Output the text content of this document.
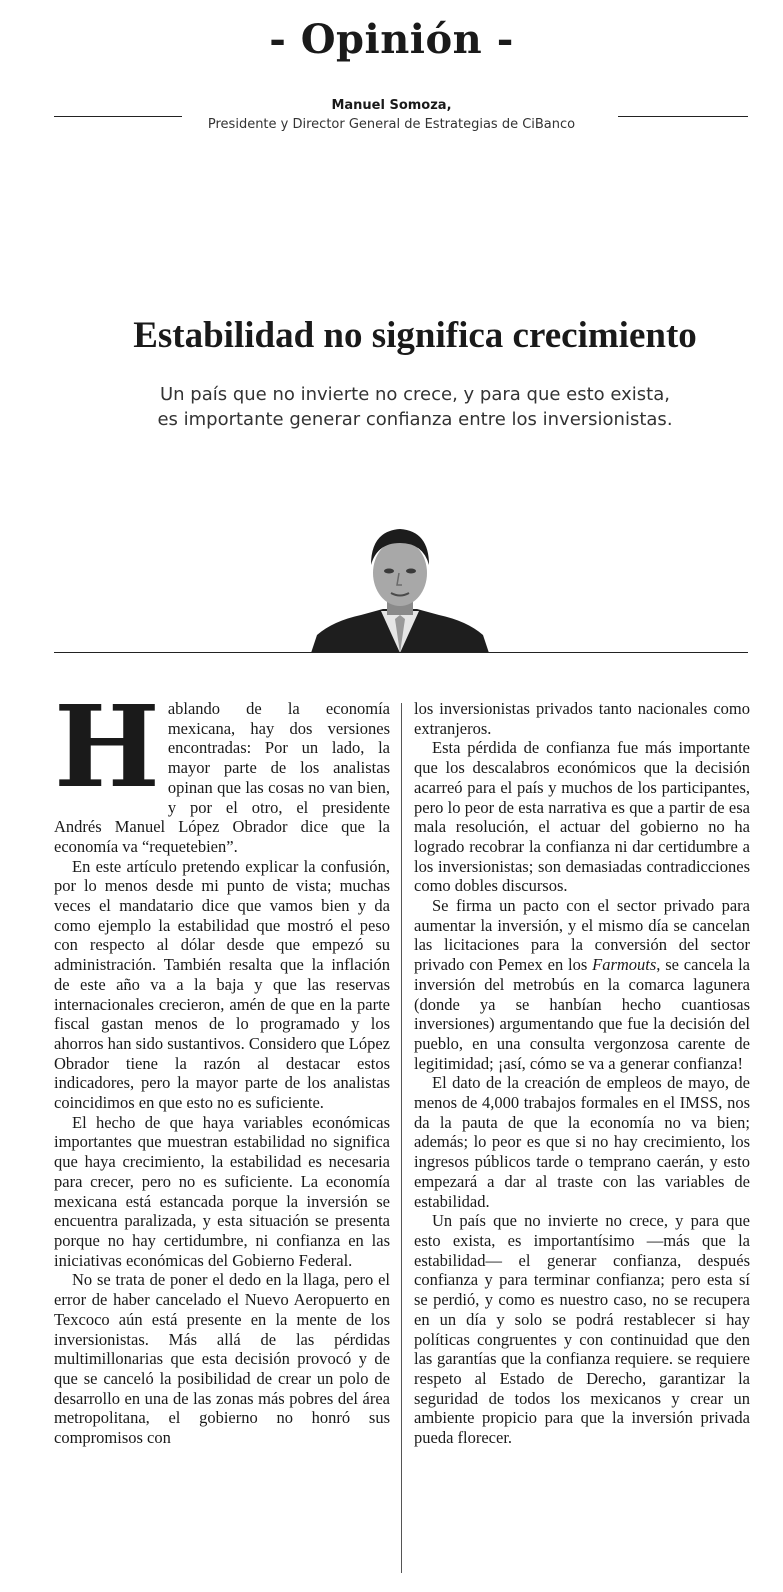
- Opinión -
Manuel Somoza,
Presidente y Director General de Estrategias de CiBanco
Estabilidad no significa crecimiento
Un país que no invierte no crece, y para que esto exista,
es importante generar confianza entre los inversionistas.

Hablando de la economía mexicana, hay dos versiones encontradas: Por un lado, la mayor parte de los analistas opinan que las cosas no van bien, y por el otro, el presidente Andrés Manuel López Obrador dice que la economía va “requetebien”.

En este artículo pretendo explicar la confusión, por lo menos desde mi punto de vista; muchas veces el mandatario dice que vamos bien y da como ejemplo la estabilidad que mostró el peso con respecto al dólar desde que empezó su administración. También resalta que la inflación de este año va a la baja y que las reservas internacionales crecieron, amén de que en la parte fiscal gastan menos de lo programado y los ahorros han sido sustantivos. Considero que López Obrador tiene la razón al destacar estos indicadores, pero la mayor parte de los analistas coincidimos en que esto no es suficiente.

El hecho de que haya variables económicas importantes que muestran estabilidad no significa que haya crecimiento, la estabilidad es necesaria para crecer, pero no es suficiente. La economía mexicana está estancada porque la inversión se encuentra paralizada, y esta situación se presenta porque no hay certidumbre, ni confianza en las iniciativas económicas del Gobierno Federal.

No se trata de poner el dedo en la llaga, pero el error de haber cancelado el Nuevo Aeropuerto en Texcoco aún está presente en la mente de los inversionistas. Más allá de las pérdidas multimillonarias que esta decisión provocó y de que se canceló la posibilidad de crear un polo de desarrollo en una de las zonas más pobres del área metropolitana, el gobierno no honró sus compromisos con

los inversionistas privados tanto nacionales como extranjeros.

Esta pérdida de confianza fue más importante que los descalabros económicos que la decisión acarreó para el país y muchos de los participantes, pero lo peor de esta narrativa es que a partir de esa mala resolución, el actuar del gobierno no ha logrado recobrar la confianza ni dar certidumbre a los inversionistas; son demasiadas contradicciones como dobles discursos.

Se firma un pacto con el sector privado para aumentar la inversión, y el mismo día se cancelan las licitaciones para la conversión del sector privado con Pemex en los Farmouts, se cancela la inversión del metrobús en la comarca lagunera (donde ya se hanbían hecho cuantiosas inversiones) argumentando que fue la decisión del pueblo, en una consulta vergonzosa carente de legitimidad; ¡así, cómo se va a generar confianza!

El dato de la creación de empleos de mayo, de menos de 4,000 trabajos formales en el IMSS, nos da la pauta de que la economía no va bien; además; lo peor es que si no hay crecimiento, los ingresos públicos tarde o temprano caerán, y esto empezará a dar al traste con las variables de estabilidad.

Un país que no invierte no crece, y para que esto exista, es importantísimo —más que la estabilidad— el generar confianza, después confianza y para terminar confianza; pero esta sí se perdió, y como es nuestro caso, no se recupera en un día y solo se podrá restablecer si hay políticas congruentes y con continuidad que den las garantías que la confianza requiere. se requiere respeto al Estado de Derecho, garantizar la seguridad de todos los mexicanos y crear un ambiente propicio para que la inversión privada pueda florecer.
